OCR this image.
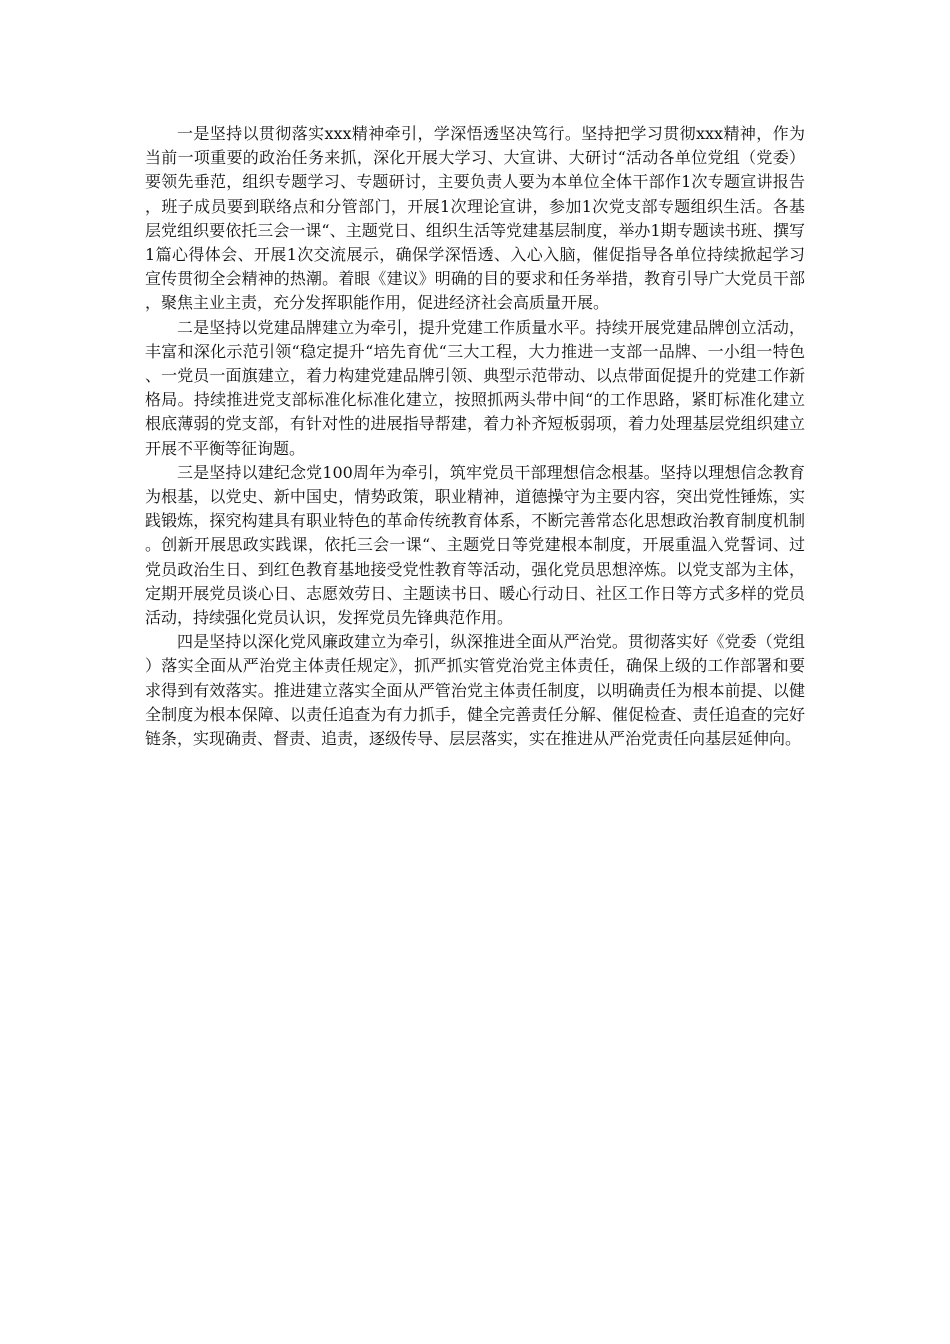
一是坚持以贯彻落实xxx精神牵引，学深悟透坚决笃行。坚持把学习贯彻xxx精神，作为当前一项重要的政治任务来抓，深化开展大学习、大宣讲、大研讨“活动各单位党组（党委）要领先垂范，组织专题学习、专题研讨，主要负责人要为本单位全体干部作1次专题宣讲报告，班子成员要到联络点和分管部门，开展1次理论宣讲，参加1次党支部专题组织生活。各基层党组织要依托三会一课“、主题党日、组织生活等党建基层制度，举办1期专题读书班、撰写1篇心得体会、开展1次交流展示，确保学深悟透、入心入脑，催促指导各单位持续掀起学习宣传贯彻全会精神的热潮。着眼《建议》明确的目的要求和任务举措，教育引导广大党员干部，聚焦主业主责，充分发挥职能作用，促进经济社会高质量开展。

二是坚持以党建品牌建立为牵引，提升党建工作质量水平。持续开展党建品牌创立活动，丰富和深化示范引领“稳定提升“培先育优“三大工程，大力推进一支部一品牌、一小组一特色、一党员一面旗建立，着力构建党建品牌引领、典型示范带动、以点带面促提升的党建工作新格局。持续推进党支部标准化标准化建立，按照抓两头带中间“的工作思路，紧盯标准化建立根底薄弱的党支部，有针对性的进展指导帮建，着力补齐短板弱项，着力处理基层党组织建立开展不平衡等征询题。

三是坚持以建纪念党100周年为牵引，筑牢党员干部理想信念根基。坚持以理想信念教育为根基，以党史、新中国史，情势政策，职业精神，道德操守为主要内容，突出党性锤炼，实践锻炼，探究构建具有职业特色的革命传统教育体系，不断完善常态化思想政治教育制度机制。创新开展思政实践课，依托三会一课“、主题党日等党建根本制度，开展重温入党誓词、过党员政治生日、到红色教育基地接受党性教育等活动，强化党员思想淬炼。以党支部为主体，定期开展党员谈心日、志愿效劳日、主题读书日、暖心行动日、社区工作日等方式多样的党员活动，持续强化党员认识，发挥党员先锋典范作用。

四是坚持以深化党风廉政建立为牵引，纵深推进全面从严治党。贯彻落实好《党委（党组）落实全面从严治党主体责任规定》，抓严抓实管党治党主体责任，确保上级的工作部署和要求得到有效落实。推进建立落实全面从严管治党主体责任制度，以明确责任为根本前提、以健全制度为根本保障、以责任追查为有力抓手，健全完善责任分解、催促检查、责任追查的完好链条，实现确责、督责、追责，逐级传导、层层落实，实在推进从严治党责任向基层延伸向。
